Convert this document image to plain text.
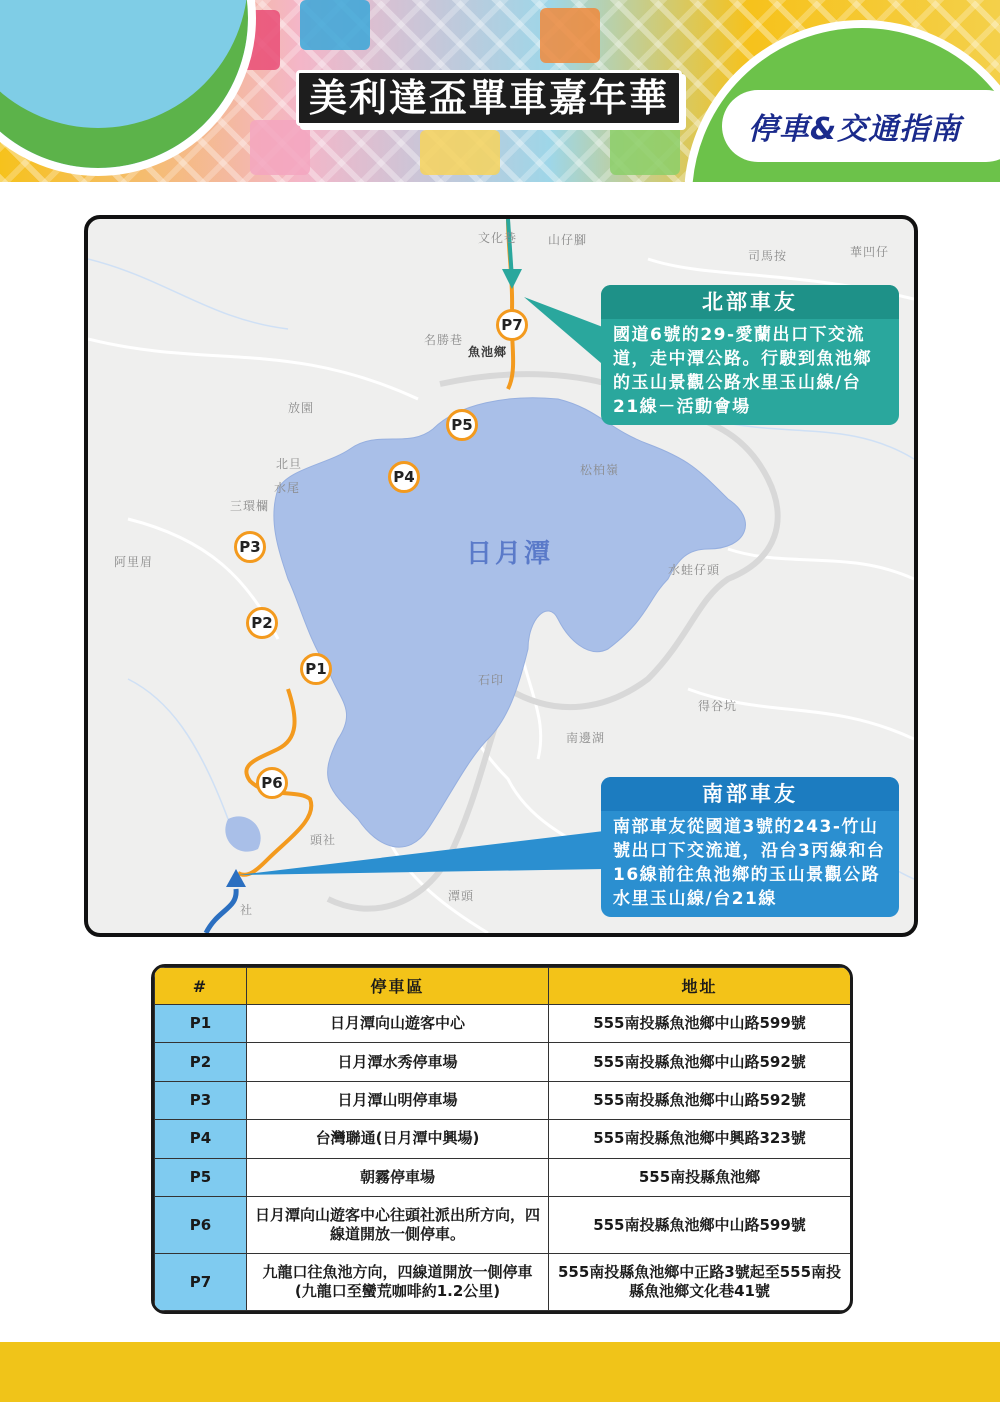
美利達盃單車嘉年華
停車&交通指南
文化巷	山仔腳
司馬按	華凹仔
名勝巷
魚池鄉
放園
北旦
水尾
三環欄
阿里眉
松柏嶺
水蛙仔頭
石印
得谷坑
南邊湖
頭社
潭頭
社
日月潭
P7
P5
P4
P3
P2
P1
P6
北部車友
國道6號的29-愛蘭出口下交流道，走中潭公路。行駛到魚池鄉的玉山景觀公路水里玉山線/台21線－活動會場
南部車友
南部車友從國道3號的243-竹山號出口下交流道，沿台3丙線和台16線前往魚池鄉的玉山景觀公路水里玉山線/台21線
#	停車區	地址
P1	日月潭向山遊客中心	555南投縣魚池鄉中山路599號
P2	日月潭水秀停車場	555南投縣魚池鄉中山路592號
P3	日月潭山明停車場	555南投縣魚池鄉中山路592號
P4	台灣聯通(日月潭中興場)	555南投縣魚池鄉中興路323號
P5	朝霧停車場	555南投縣魚池鄉
P6	日月潭向山遊客中心往頭社派出所方向，四線道開放一側停車。	555南投縣魚池鄉中山路599號
P7	九龍口往魚池方向，四線道開放一側停車(九龍口至蠻荒咖啡約1.2公里)	555南投縣魚池鄉中正路3號起至555南投縣魚池鄉文化巷41號
